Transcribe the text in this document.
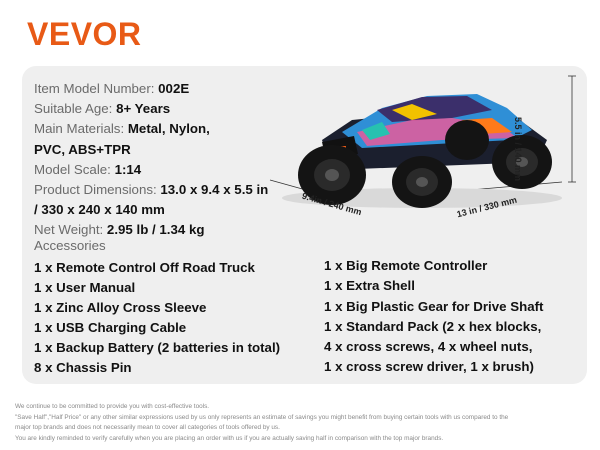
VEVOR
Item Model Number: 002E
Suitable Age: 8+ Years
Main Materials: Metal, Nylon,
PVC, ABS+TPR
Model Scale: 1:14
Product Dimensions: 13.0 x 9.4 x 5.5 in
/ 330 x 240 x 140 mm
Net Weight: 2.95 lb / 1.34 kg
Accessories
1 x Remote Control Off Road Truck
1 x User Manual
1 x Zinc Alloy Cross Sleeve
1 x USB Charging Cable
1 x Backup Battery (2 batteries in total)
8 x Chassis Pin
1 x Big Remote Controller
1 x Extra Shell
1 x Big Plastic Gear for Drive Shaft
1 x Standard Pack (2 x hex blocks,
4 x cross screws, 4 x wheel nuts,
1 x cross screw driver, 1 x brush)
5.5 in / 140 mm
9.4in / 240 mm	13 in / 330 mm
We continue to be committed to provide you with cost-effective tools.
"Save Half","Half Price" or any other similar expressions used by us only represents an estimate of savings you might benefit from buying certain tools with us compared to the
major top brands and does not necessarily mean to cover all categories of tools offered by us.
You are kindly reminded to verify carefully when you are placing an order with us if you are actually saving half in comparison with the top major brands.
